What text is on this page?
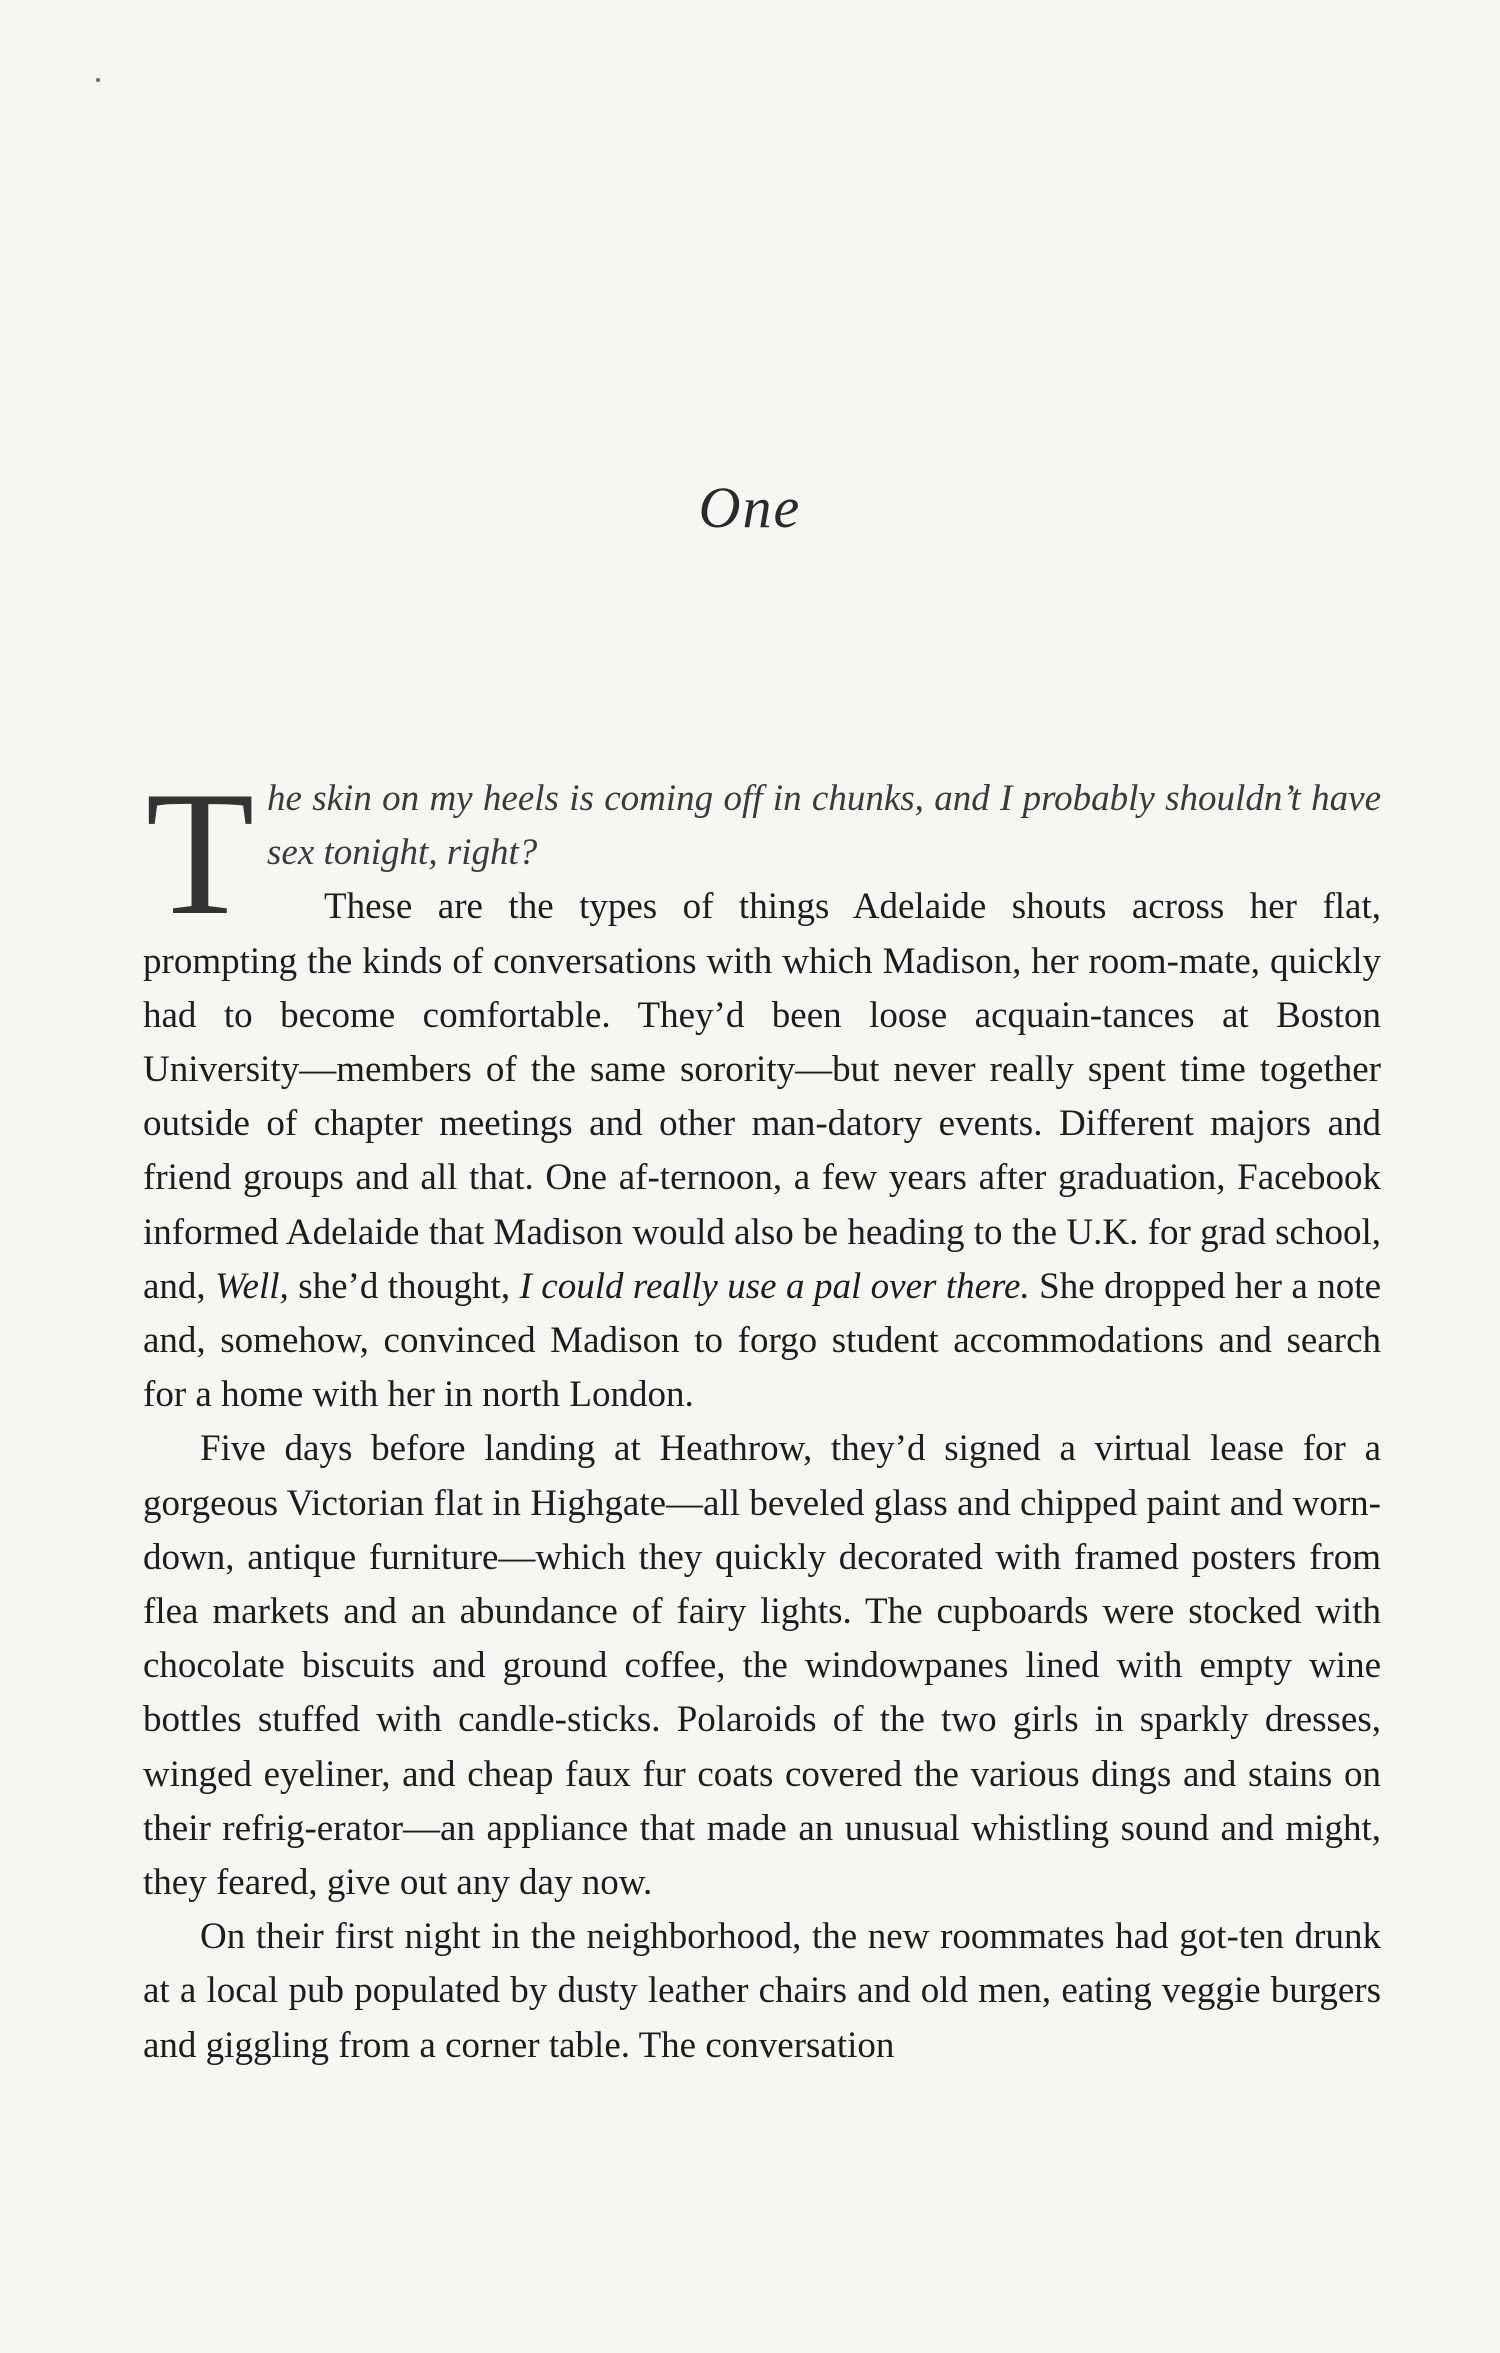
One

T he skin on my heels is coming off in chunks, and I probably shouldn’t have sex tonight, right?

These are the types of things Adelaide shouts across her flat, prompting the kinds of conversations with which Madison, her room-mate, quickly had to become comfortable. They’d been loose acquain-tances at Boston University—members of the same sorority—but never really spent time together outside of chapter meetings and other man-datory events. Different majors and friend groups and all that. One af-ternoon, a few years after graduation, Facebook informed Adelaide that Madison would also be heading to the U.K. for grad school, and, Well, she’d thought, I could really use a pal over there. She dropped her a note and, somehow, convinced Madison to forgo student accommodations and search for a home with her in north London.

Five days before landing at Heathrow, they’d signed a virtual lease for a gorgeous Victorian flat in Highgate—all beveled glass and chipped paint and worn-down, antique furniture—which they quickly decorated with framed posters from flea markets and an abundance of fairy lights. The cupboards were stocked with chocolate biscuits and ground coffee, the windowpanes lined with empty wine bottles stuffed with candle-sticks. Polaroids of the two girls in sparkly dresses, winged eyeliner, and cheap faux fur coats covered the various dings and stains on their refrig-erator—an appliance that made an unusual whistling sound and might, they feared, give out any day now.

On their first night in the neighborhood, the new roommates had got-ten drunk at a local pub populated by dusty leather chairs and old men, eating veggie burgers and giggling from a corner table. The conversation
